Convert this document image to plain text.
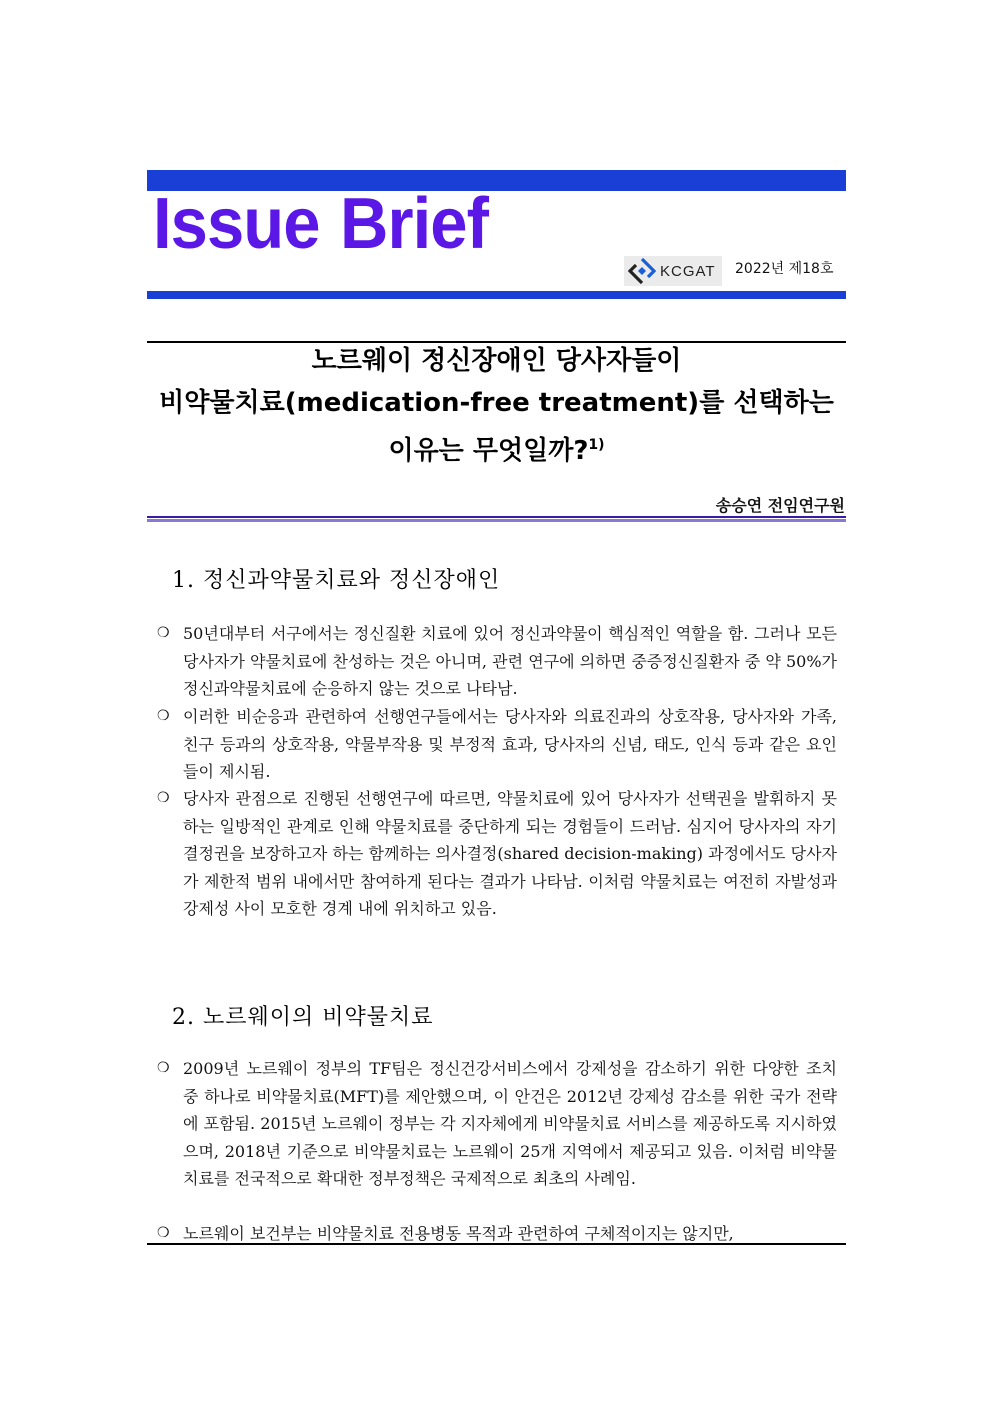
Issue Brief
KCGAT 2022년 제18호
노르웨이 정신장애인 당사자들이
비약물치료(medication-free treatment)를 선택하는
이유는 무엇일까?$^{1)}$
송승연 전임연구원
1. 정신과약물치료와 정신장애인

❍ 50년대부터 서구에서는 정신질환 치료에 있어 정신과약물이 핵심적인 역할을 함. 그러나 모든 당사자가 약물치료에 찬성하는 것은 아니며, 관련 연구에 의하면 중증정신질환자 중 약 50%가 정신과약물치료에 순응하지 않는 것으로 나타남.

❍ 이러한 비순응과 관련하여 선행연구들에서는 당사자와 의료진과의 상호작용, 당사자와 가족, 친구 등과의 상호작용, 약물부작용 및 부정적 효과, 당사자의 신념, 태도, 인식 등과 같은 요인들이 제시됨.

❍ 당사자 관점으로 진행된 선행연구에 따르면, 약물치료에 있어 당사자가 선택권을 발휘하지 못하는 일방적인 관계로 인해 약물치료를 중단하게 되는 경험들이 드러남. 심지어 당사자의 자기결정권을 보장하고자 하는 함께하는 의사결정(shared decision-making) 과정에서도 당사자가 제한적 범위 내에서만 참여하게 된다는 결과가 나타남. 이처럼 약물치료는 여전히 자발성과 강제성 사이 모호한 경계 내에 위치하고 있음.

2. 노르웨이의 비약물치료

❍ 2009년 노르웨이 정부의 TF팀은 정신건강서비스에서 강제성을 감소하기 위한 다양한 조치 중 하나로 비약물치료(MFT)를 제안했으며, 이 안건은 2012년 강제성 감소를 위한 국가 전략에 포함됨. 2015년 노르웨이 정부는 각 지자체에게 비약물치료 서비스를 제공하도록 지시하였으며, 2018년 기준으로 비약물치료는 노르웨이 25개 지역에서 제공되고 있음. 이처럼 비약물치료를 전국적으로 확대한 정부정책은 국제적으로 최초의 사례임.

❍ 노르웨이 보건부는 비약물치료 전용병동 목적과 관련하여 구체적이지는 않지만,
